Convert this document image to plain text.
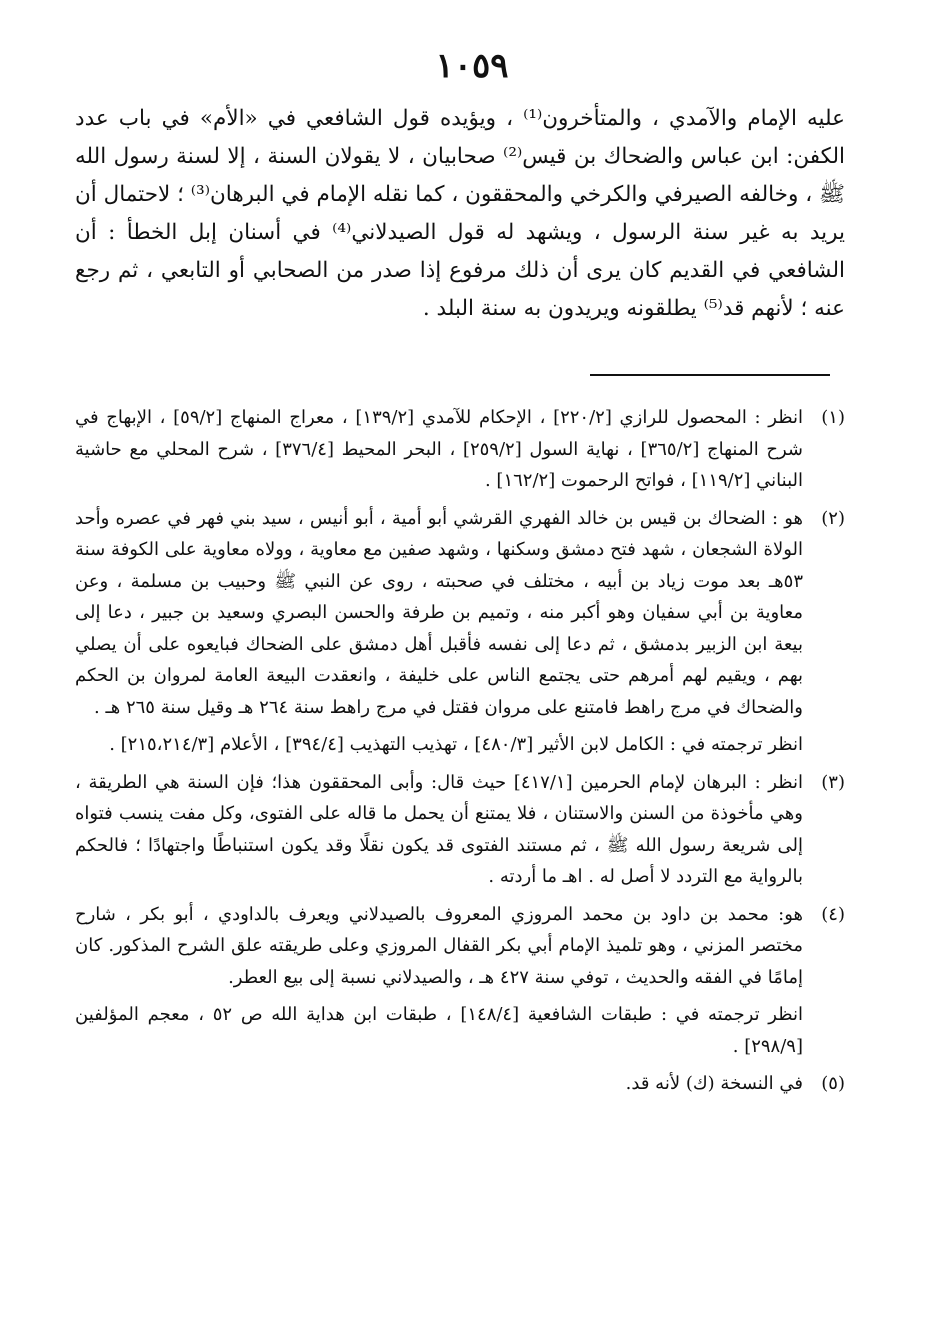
١٠٥٩

عليه الإمام والآمدي ، والمتأخرون⁽¹⁾ ، ويؤيده قول الشافعي في «الأم» في باب عدد الكفن: ابن عباس والضحاك بن قيس⁽²⁾ صحابيان ، لا يقولان السنة ، إلا لسنة رسول الله ﷺ ، وخالفه الصيرفي والكرخي والمحققون ، كما نقله الإمام في البرهان⁽³⁾ ؛ لاحتمال أن يريد به غير سنة الرسول ، ويشهد له قول الصيدلاني⁽⁴⁾ في أسنان إبل الخطأ : أن الشافعي في القديم كان يرى أن ذلك مرفوع إذا صدر من الصحابي أو التابعي ، ثم رجع عنه ؛ لأنهم قد⁽⁵⁾ يطلقونه ويريدون به سنة البلد .

(١)

انظر : المحصول للرازي [٢٢٠/٢] ، الإحكام للآمدي [١٣٩/٢] ، معراج المنهاج [٥٩/٢] ، الإبهاج في شرح المنهاج [٣٦٥/٢] ، نهاية السول [٢٥٩/٢] ، البحر المحيط [٣٧٦/٤] ، شرح المحلي مع حاشية البناني [١١٩/٢] ، فواتح الرحموت [١٦٢/٢] .

(٢)

هو : الضحاك بن قيس بن خالد الفهري القرشي أبو أمية ، أبو أنيس ، سيد بني فهر في عصره وأحد الولاة الشجعان ، شهد فتح دمشق وسكنها ، وشهد صفين مع معاوية ، وولاه معاوية على الكوفة سنة ٥٣هـ بعد موت زياد بن أبيه ، مختلف في صحبته ، روى عن النبي ﷺ وحبيب بن مسلمة ، وعن معاوية بن أبي سفيان وهو أكبر منه ، وتميم بن طرفة والحسن البصري وسعيد بن جبير ، دعا إلى بيعة ابن الزبير بدمشق ، ثم دعا إلى نفسه فأقبل أهل دمشق على الضحاك فبايعوه على أن يصلي بهم ، ويقيم لهم أمرهم حتى يجتمع الناس على خليفة ، وانعقدت البيعة العامة لمروان بن الحكم والضحاك في مرج راهط فامتنع على مروان فقتل في مرج راهط سنة ٢٦٤ هـ وقيل سنة ٢٦٥ هـ .

انظر ترجمته في : الكامل لابن الأثير [٤٨٠/٣] ، تهذيب التهذيب [٣٩٤/٤] ، الأعلام [٢١٥،٢١٤/٣] .

(٣)

انظر : البرهان لإمام الحرمين [٤١٧/١] حيث قال: وأبى المحققون هذا؛ فإن السنة هي الطريقة ، وهي مأخوذة من السنن والاستنان ، فلا يمتنع أن يحمل ما قاله على الفتوى، وكل مفت ينسب فتواه إلى شريعة رسول الله ﷺ ، ثم مستند الفتوى قد يكون نقلًا وقد يكون استنباطًا واجتهادًا ؛ فالحكم بالرواية مع التردد لا أصل له . اهـ ما أردته .

(٤)

هو: محمد بن داود بن محمد المروزي المعروف بالصيدلاني ويعرف بالداودي ، أبو بكر ، شارح مختصر المزني ، وهو تلميذ الإمام أبي بكر القفال المروزي وعلى طريقته علق الشرح المذكور. كان إمامًا في الفقه والحديث ، توفي سنة ٤٢٧ هـ ، والصيدلاني نسبة إلى بيع العطر.

انظر ترجمته في : طبقات الشافعية [١٤٨/٤] ، طبقات ابن هداية الله ص ٥٢ ، معجم المؤلفين [٢٩٨/٩] .

(٥)

في النسخة (ك) لأنه قد.
